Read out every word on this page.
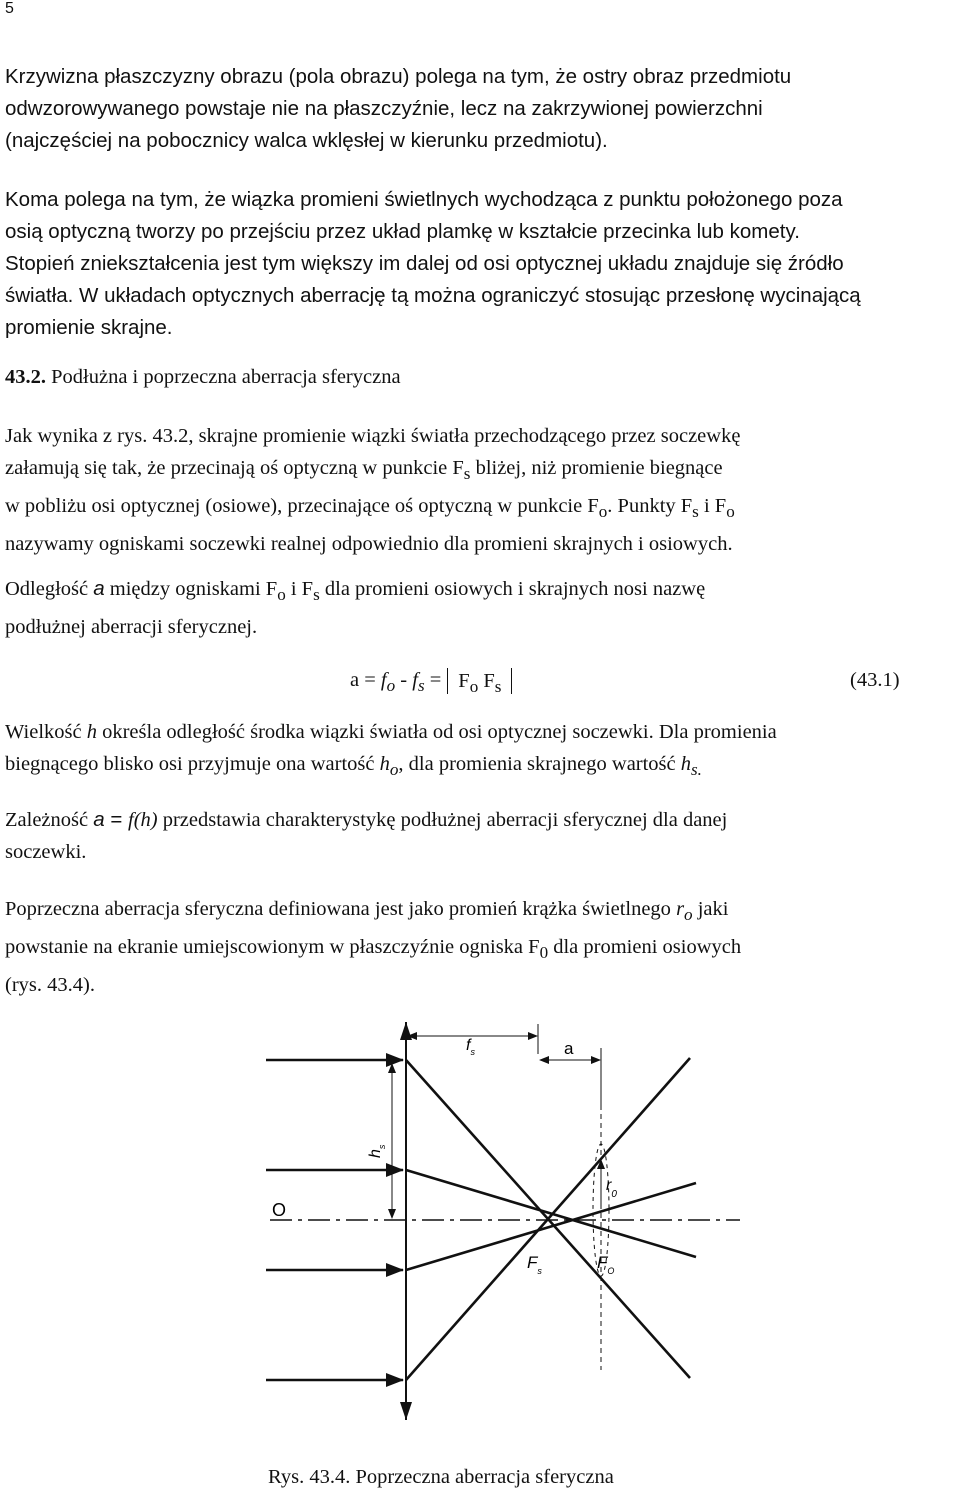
5
Krzywizna płaszczyzny obrazu (pola obrazu) polega na tym, że ostry obraz przedmiotu
odwzorowywanego powstaje nie na płaszczyźnie, lecz na zakrzywionej powierzchni
(najczęściej na pobocznicy walca wklęsłej w kierunku przedmiotu).
Koma polega na tym, że wiązka promieni świetlnych wychodząca z punktu położonego poza
osią optyczną tworzy po przejściu przez układ plamkę w kształcie przecinka lub komety.
Stopień zniekształcenia jest tym większy im dalej od osi optycznej układu znajduje się źródło
światła. W układach optycznych aberrację tą można ograniczyć stosując przesłonę wycinającą
promienie skrajne.
43.2. Podłużna i poprzeczna aberracja sferyczna
Jak wynika z rys. 43.2, skrajne promienie wiązki światła przechodzącego przez soczewkę
załamują się tak, że przecinają oś optyczną w punkcie $F_s$ bliżej, niż promienie biegnące
w pobliżu osi optycznej (osiowe), przecinające oś optyczną w punkcie $F_o$. Punkty $F_s$ i $F_o$
nazywamy ogniskami soczewki realnej odpowiednio dla promieni skrajnych i osiowych.
Odległość a między ogniskami $F_o$ i $F_s$ dla promieni osiowych i skrajnych nosi nazwę
podłużnej aberracji sferycznej.
$a = f_o - f_s = F_o$ $F_s$	(43.1)
Wielkość h określa odległość środka wiązki światła od osi optycznej soczewki. Dla promienia
biegnącego blisko osi przyjmuje ona wartość $h_o$, dla promienia skrajnego wartość $h_{s.}$
Zależność a = f(h) przedstawia charakterystykę podłużnej aberracji sferycznej dla danej
soczewki.
Poprzeczna aberracja sferyczna definiowana jest jako promień krążka świetlnego $r_o$ jaki
powstanie na ekranie umiejscowionym w płaszczyźnie ogniska $F_0$ dla promieni osiowych
(rys. 43.4).
$f_s$	a
$h_s$
O
$r_0$
$F_s$	$F_O$
Rys. 43.4. Poprzeczna aberracja sferyczna
